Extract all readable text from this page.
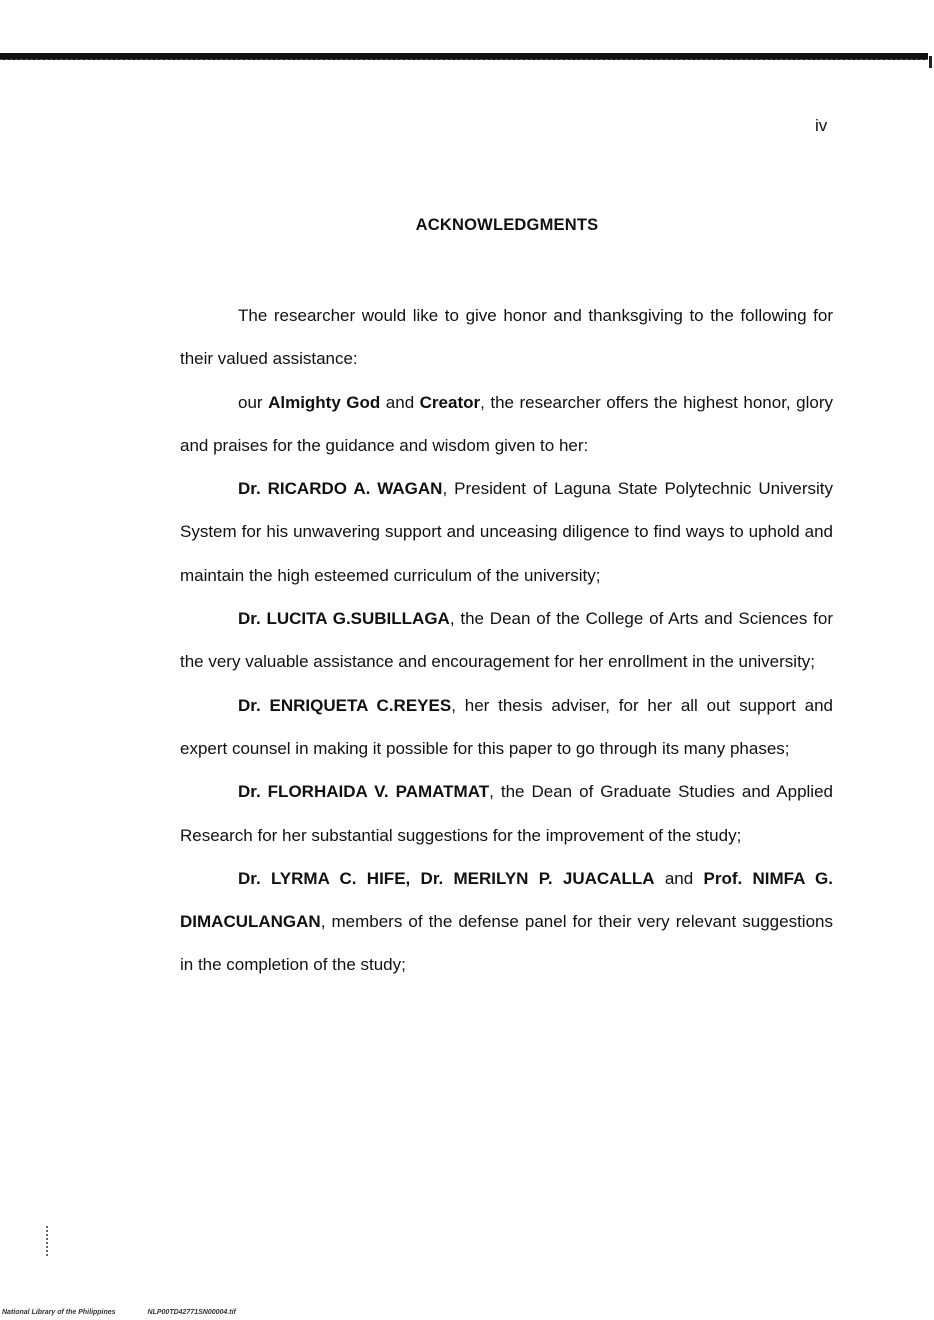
iv
ACKNOWLEDGMENTS

The researcher would like to give honor and thanksgiving to the following for their valued assistance:

our Almighty God and Creator, the researcher offers the highest honor, glory and praises for the guidance and wisdom given to her:

Dr. RICARDO A. WAGAN, President of Laguna State Polytechnic University System for his unwavering support and unceasing diligence to find ways to uphold and maintain the high esteemed curriculum of the university;

Dr. LUCITA G.SUBILLAGA, the Dean of the College of Arts and Sciences for the very valuable assistance and encouragement for her enrollment in the university;

Dr. ENRIQUETA C.REYES, her thesis adviser, for her all out support and expert counsel in making it possible for this paper to go through its many phases;

Dr. FLORHAIDA V. PAMATMAT, the Dean of Graduate Studies and Applied Research for her substantial suggestions for the improvement of the study;

Dr. LYRMA C. HIFE, Dr. MERILYN P. JUACALLA and Prof. NIMFA G. DIMACULANGAN, members of the defense panel for their very relevant suggestions in the completion of the study;

National Library of the Philippines	NLP00TD42771SN00004.tif
